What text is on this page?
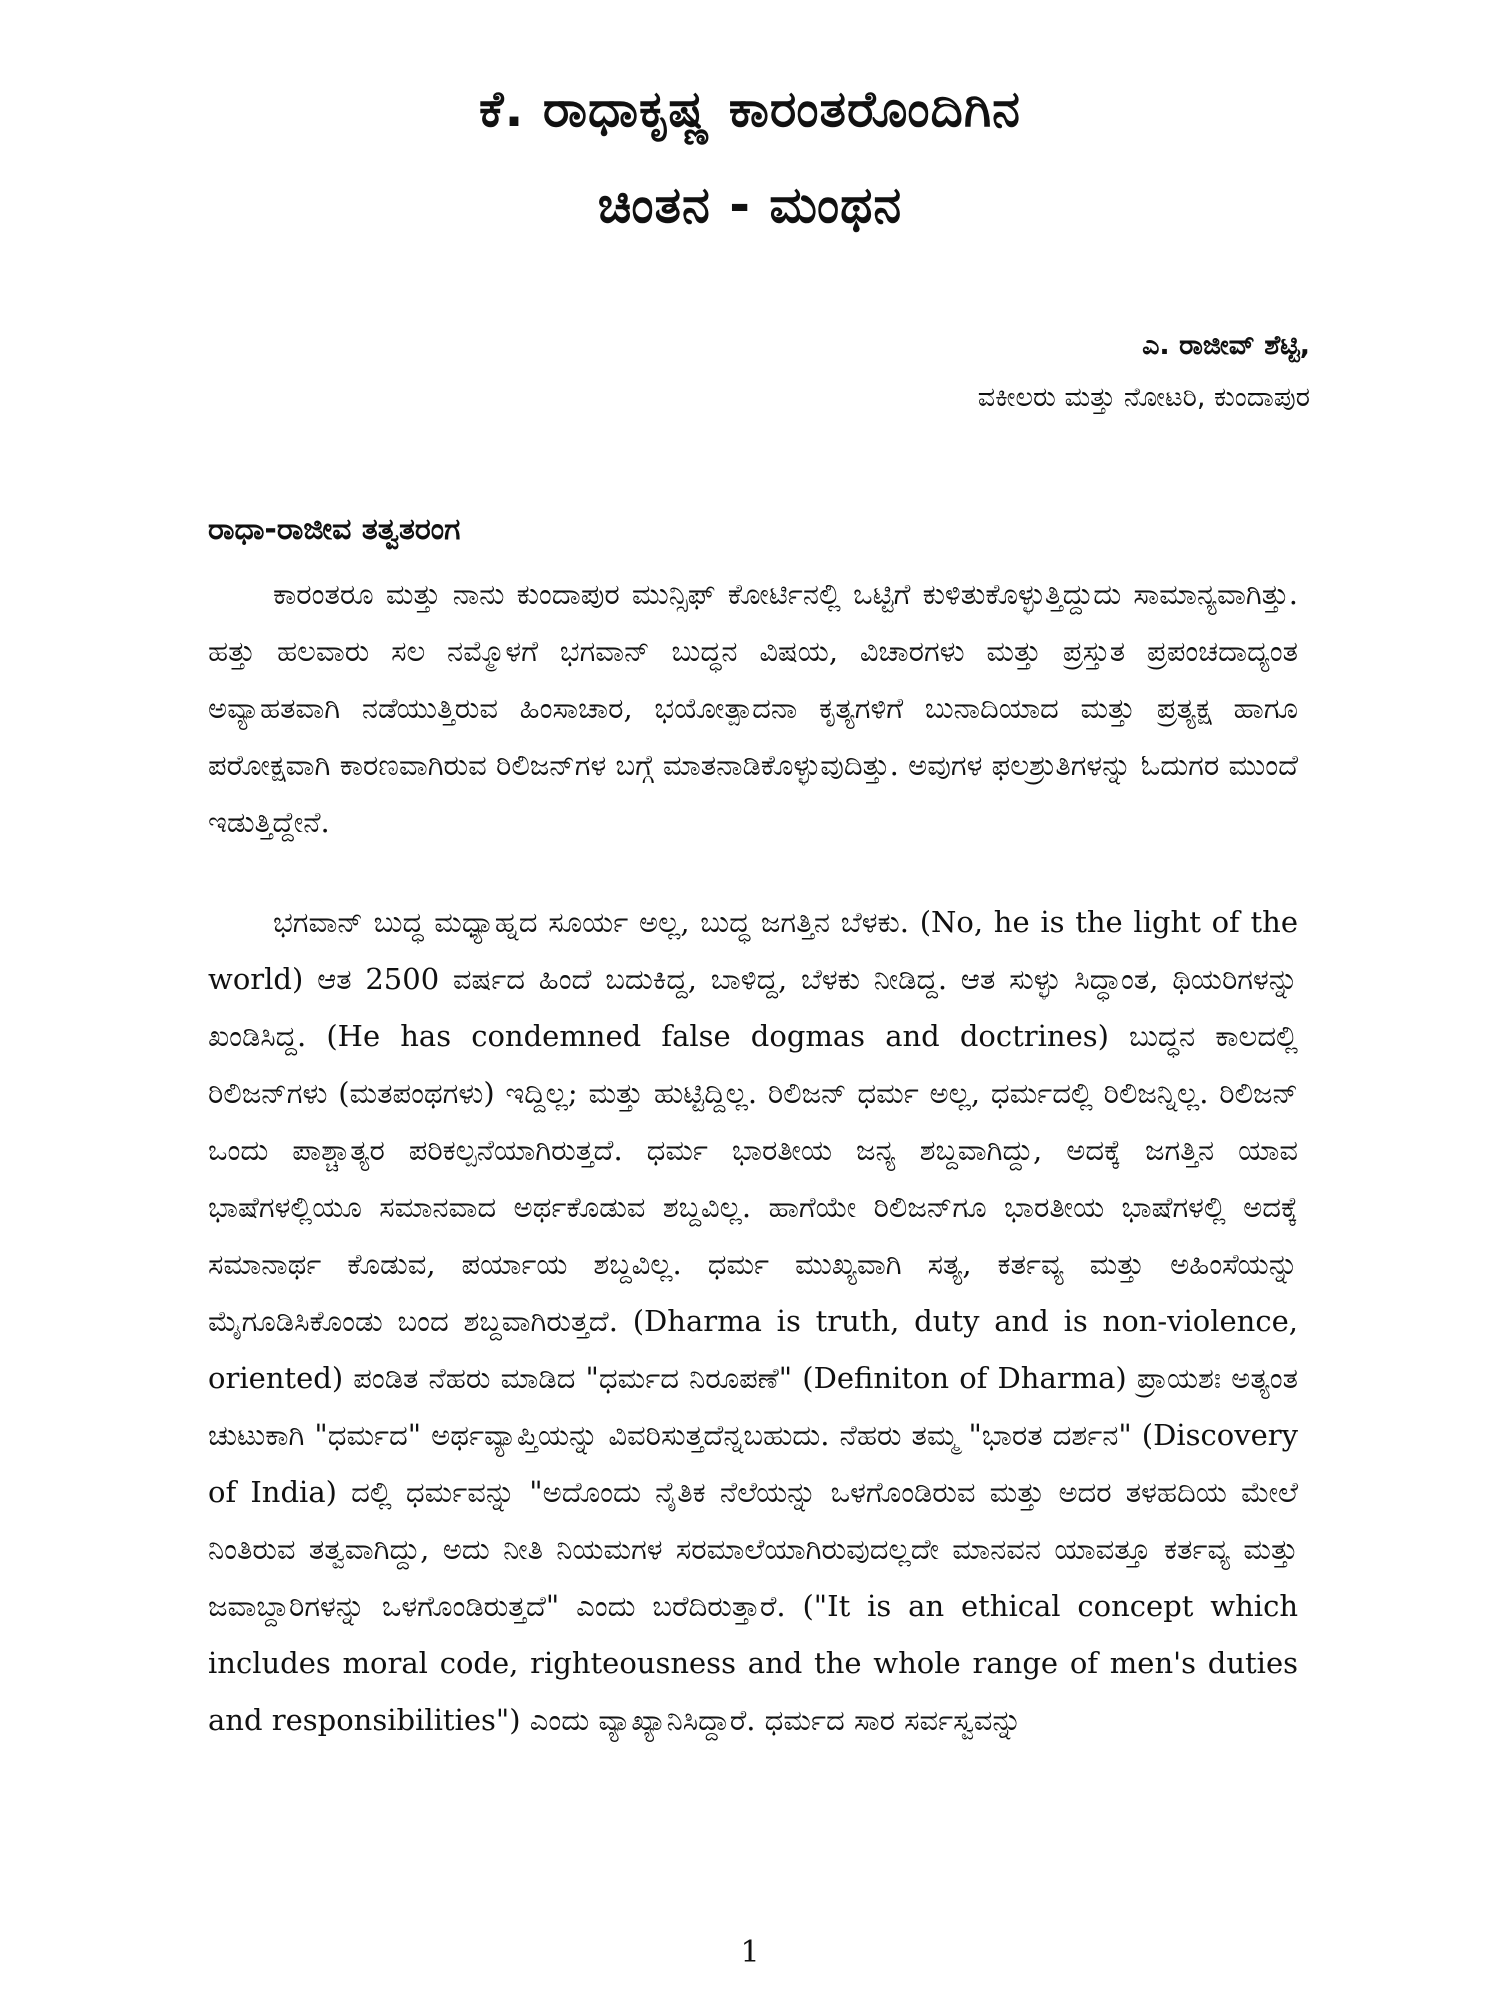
ಕೆ. ರಾಧಾಕೃಷ್ಣ ಕಾರಂತರೊಂದಿಗಿನ
ಚಿಂತನ - ಮಂಥನ
ಎ. ರಾಜೀವ್ ಶೆಟ್ಟಿ,
ವಕೀಲರು ಮತ್ತು ನೋಟರಿ, ಕುಂದಾಪುರ
ರಾಧಾ-ರಾಜೀವ ತತ್ವತರಂಗ

ಕಾರಂತರೂ ಮತ್ತು ನಾನು ಕುಂದಾಪುರ ಮುನ್ಸಿಫ್ ಕೋರ್ಟಿನಲ್ಲಿ ಒಟ್ಟಿಗೆ ಕುಳಿತುಕೊಳ್ಳುತ್ತಿದ್ದುದು ಸಾಮಾನ್ಯವಾಗಿತ್ತು. ಹತ್ತು ಹಲವಾರು ಸಲ ನಮ್ಮೊಳಗೆ ಭಗವಾನ್ ಬುದ್ಧನ ವಿಷಯ, ವಿಚಾರಗಳು ಮತ್ತು ಪ್ರಸ್ತುತ ಪ್ರಪಂಚದಾದ್ಯಂತ ಅವ್ಯಾಹತವಾಗಿ ನಡೆಯುತ್ತಿರುವ ಹಿಂಸಾಚಾರ, ಭಯೋತ್ಪಾದನಾ ಕೃತ್ಯಗಳಿಗೆ ಬುನಾದಿಯಾದ ಮತ್ತು ಪ್ರತ್ಯಕ್ಷ ಹಾಗೂ ಪರೋಕ್ಷವಾಗಿ ಕಾರಣವಾಗಿರುವ ರಿಲಿಜನ್‌ಗಳ ಬಗ್ಗೆ ಮಾತನಾಡಿಕೊಳ್ಳುವುದಿತ್ತು. ಅವುಗಳ ಫಲಶ್ರುತಿಗಳನ್ನು ಓದುಗರ ಮುಂದೆ ಇಡುತ್ತಿದ್ದೇನೆ.

ಭಗವಾನ್ ಬುದ್ಧ ಮಧ್ಯಾಹ್ನದ ಸೂರ್ಯ ಅಲ್ಲ, ಬುದ್ಧ ಜಗತ್ತಿನ ಬೆಳಕು. (No, he is the light of the world) ಆತ 2500 ವರ್ಷದ ಹಿಂದೆ ಬದುಕಿದ್ದ, ಬಾಳಿದ್ದ, ಬೆಳಕು ನೀಡಿದ್ದ. ಆತ ಸುಳ್ಳು ಸಿದ್ಧಾಂತ, ಥಿಯರಿಗಳನ್ನು ಖಂಡಿಸಿದ್ದ. (He has condemned false dogmas and doctrines) ಬುದ್ಧನ ಕಾಲದಲ್ಲಿ ರಿಲಿಜನ್‌ಗಳು (ಮತಪಂಥಗಳು) ಇದ್ದಿಲ್ಲ; ಮತ್ತು ಹುಟ್ಟಿದ್ದಿಲ್ಲ. ರಿಲಿಜನ್ ಧರ್ಮ ಅಲ್ಲ, ಧರ್ಮದಲ್ಲಿ ರಿಲಿಜನ್ನಿಲ್ಲ. ರಿಲಿಜನ್ ಒಂದು ಪಾಶ್ಚಾತ್ಯರ ಪರಿಕಲ್ಪನೆಯಾಗಿರುತ್ತದೆ. ಧರ್ಮ ಭಾರತೀಯ ಜನ್ಯ ಶಬ್ದವಾಗಿದ್ದು, ಅದಕ್ಕೆ ಜಗತ್ತಿನ ಯಾವ ಭಾಷೆಗಳಲ್ಲಿಯೂ ಸಮಾನವಾದ ಅರ್ಥಕೊಡುವ ಶಬ್ದವಿಲ್ಲ. ಹಾಗೆಯೇ ರಿಲಿಜನ್‌ಗೂ ಭಾರತೀಯ ಭಾಷೆಗಳಲ್ಲಿ ಅದಕ್ಕೆ ಸಮಾನಾರ್ಥ ಕೊಡುವ, ಪರ್ಯಾಯ ಶಬ್ದವಿಲ್ಲ. ಧರ್ಮ ಮುಖ್ಯವಾಗಿ ಸತ್ಯ, ಕರ್ತವ್ಯ ಮತ್ತು ಅಹಿಂಸೆಯನ್ನು ಮೈಗೂಡಿಸಿಕೊಂಡು ಬಂದ ಶಬ್ದವಾಗಿರುತ್ತದೆ. (Dharma is truth, duty and is non-violence, oriented) ಪಂಡಿತ ನೆಹರು ಮಾಡಿದ "ಧರ್ಮದ ನಿರೂಪಣೆ" (Definiton of Dharma) ಪ್ರಾಯಶಃ ಅತ್ಯಂತ ಚುಟುಕಾಗಿ "ಧರ್ಮದ" ಅರ್ಥವ್ಯಾಪ್ತಿಯನ್ನು ವಿವರಿಸುತ್ತದೆನ್ನಬಹುದು. ನೆಹರು ತಮ್ಮ "ಭಾರತ ದರ್ಶನ" (Discovery of India) ದಲ್ಲಿ ಧರ್ಮವನ್ನು "ಅದೊಂದು ನೈತಿಕ ನೆಲೆಯನ್ನು ಒಳಗೊಂಡಿರುವ ಮತ್ತು ಅದರ ತಳಹದಿಯ ಮೇಲೆ ನಿಂತಿರುವ ತತ್ವವಾಗಿದ್ದು, ಅದು ನೀತಿ ನಿಯಮಗಳ ಸರಮಾಲೆಯಾಗಿರುವುದಲ್ಲದೇ ಮಾನವನ ಯಾವತ್ತೂ ಕರ್ತವ್ಯ ಮತ್ತು ಜವಾಬ್ದಾರಿಗಳನ್ನು ಒಳಗೊಂಡಿರುತ್ತದೆ" ಎಂದು ಬರೆದಿರುತ್ತಾರೆ. ("It is an ethical concept which includes moral code, righteousness and the whole range of men's duties and responsibilities") ಎಂದು ವ್ಯಾಖ್ಯಾನಿಸಿದ್ದಾರೆ. ಧರ್ಮದ ಸಾರ ಸರ್ವಸ್ವವನ್ನು

1
